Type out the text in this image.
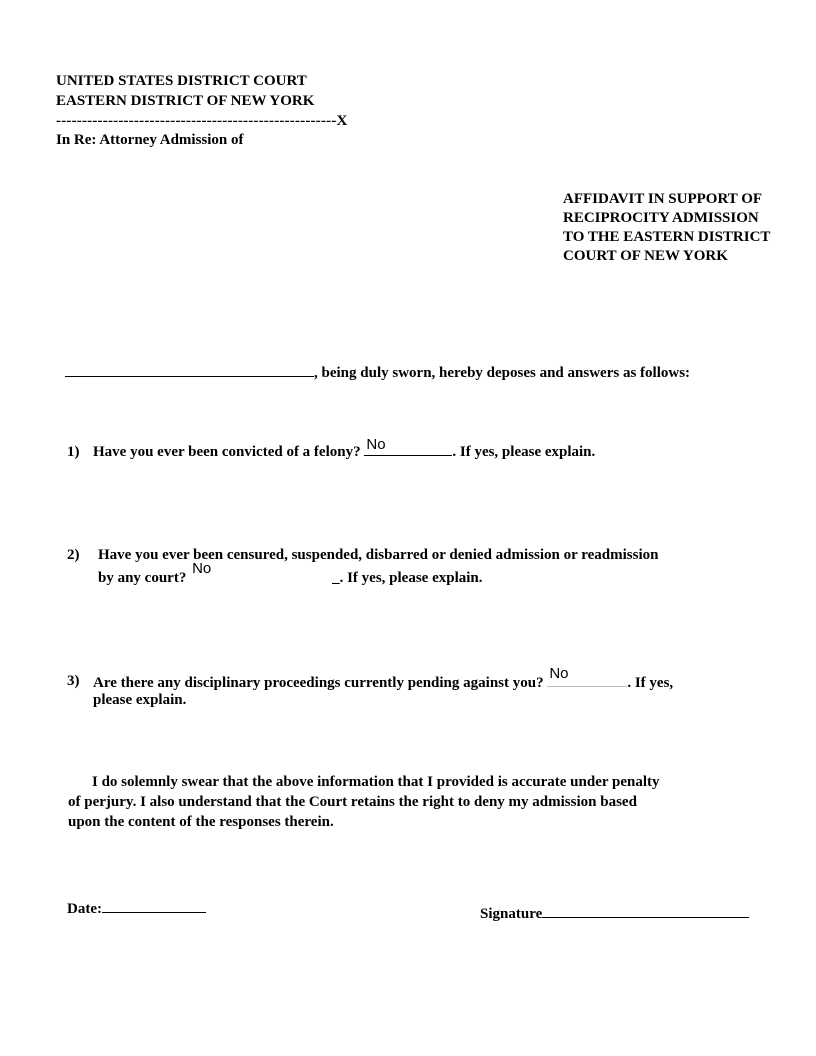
UNITED STATES DISTRICT COURT
EASTERN DISTRICT OF NEW YORK
------------------------------------------------------X
In Re: Attorney Admission of
AFFIDAVIT IN SUPPORT OF
RECIPROCITY ADMISSION
TO THE EASTERN DISTRICT
COURT OF NEW YORK
, being duly sworn, hereby deposes and answers as follows:
1) Have you ever been convicted of a felony? No	. If yes, please explain.
2) Have you ever been censured, suspended, disbarred or denied admission or readmission
by any court?
No
_. If yes, please explain.
3) Are there any disciplinary proceedings currently pending against you?
No
. If yes,
please explain.
I do solemnly swear that the above information that I provided is accurate under penalty
of perjury. I also understand that the Court retains the right to deny my admission based
upon the content of the responses therein.
Date:	Signature
